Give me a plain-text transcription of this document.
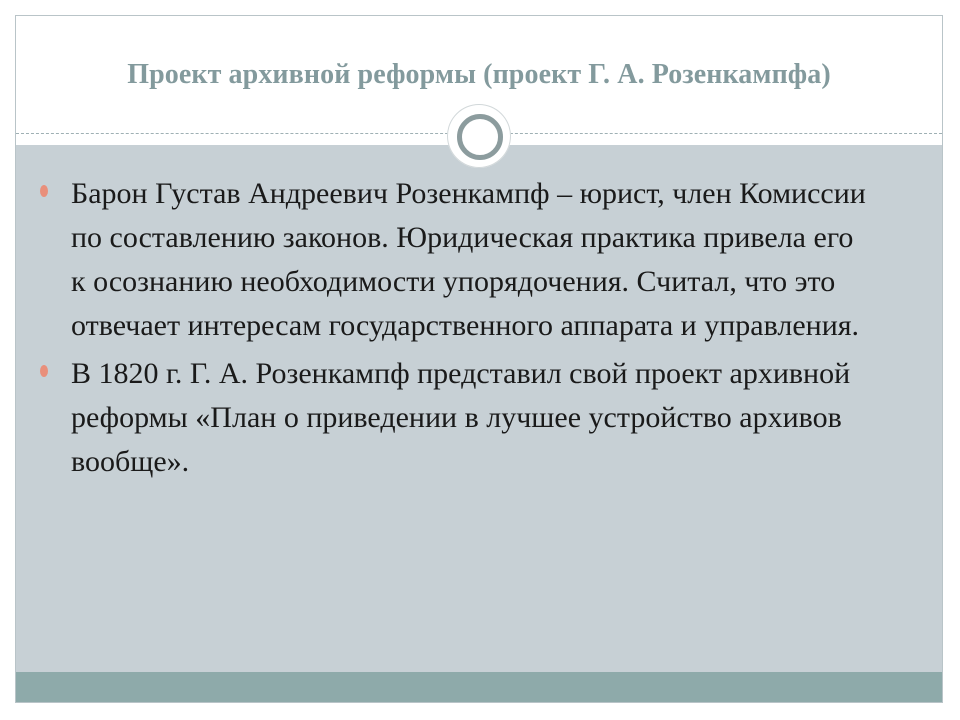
Проект архивной реформы (проект Г. А. Розенкампфа)
Барон Густав Андреевич Розенкампф – юрист, член Комиссии по составлению законов. Юридическая практика привела его к осознанию необходимости упорядочения. Считал, что это отвечает интересам государственного аппарата и управления.
В 1820 г. Г. А. Розенкампф представил свой проект архивной реформы «План о приведении в лучшее устройство архивов вообще».
